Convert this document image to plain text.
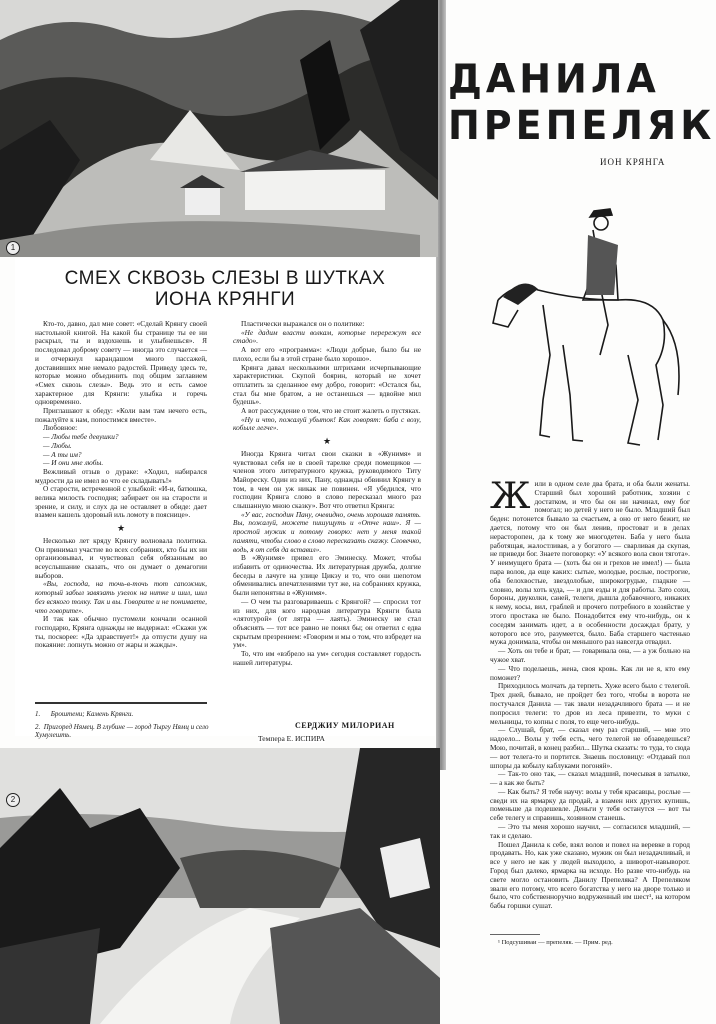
1
СМЕХ СКВОЗЬ СЛЕЗЫ В ШУТКАХ
ИОНА КРЯНГИ

Кто-то, давно, дал мне совет: «Сделай Крянгу своей настольной книгой. На какой бы странице ты ее ни раскрыл, ты и вздохнешь и улыбнешься». Я последовал доброму совету — иногда это случается — и отчеркнул карандашом много пассажей, доставивших мне немало радостей. Приведу здесь те, которые можно объединить под общим заглавием «Смех сквозь слезы». Ведь это и есть самое характерное для Крянги: улыбка и горечь одновременно.

Приглашают к обеду: «Коли вам там нечего есть, пожалуйте к нам, попостимся вместе».

Любовное:

— Любы тебе девушки?

— Любы.

— А ты им?

— И они мне любы.

Вежливый отзыв о дураке: «Ходил, набирался мудрости да не имел во что ее складывать!»

О старости, встреченной с улыбкой: «И-и, батюшка, велика милость господня; забирает он на старости и зрение, и силу, и слух да не оставляет в обиде: дает взамен кашель здоровый иль ломоту в пояснице».

★

Несколько лет кряду Крянгу волновала политика. Он принимал участие во всех собраниях, кто бы их ни организовывал, и чувствовал себя обязанным во всеуслышание сказать, что он думает о демагогии выборов.

«Вы, господа, на точь-в-точь тот сапожник, который забыл завязать узелок на нитке и шил, шил без всякого толку. Так и вы. Говорите и не понимаете, что говорите».

И так как обычно пустомели кончали осанной господарю, Крянга однажды не выдержал: «Скажи уж ты, поскорее: «Да здравствует!» да отпусти душу на покаяние: лопнуть можно от жары и жажды».

Пластически выражался он о политике:

«Не дадим власти волкам, которые перережут все стадо».

А вот его «программа»: «Люди добрые, было бы не плохо, если бы в этой стране было хорошо».

Крянга давал несколькими штрихами исчерпывающие характеристики. Скупой боярин, который не хочет отплатить за сделанное ему добро, говорит: «Остался бы, стал бы мне братом, а не останешься — вдвойне мил будешь».

А вот рассуждение о том, что не стоит жалеть о пустяках.

«Ну и что, пожалуй убыток! Как говорят: баба с возу, кобыле легче».

★

Иногда Крянга читал свои сказки в «Жунимя» и чувствовал себя не в своей тарелке среди помещиков — членов этого литературного кружка, руководимого Титу Майореску. Один из них, Пану, однажды обвинил Крянгу в том, в чем он уж никак не повинен. «Я убедился, что господин Крянга слово в слово пересказал много раз слышанную мною сказку». Вот что ответил Крянга:

«У вас, господин Пану, очевидно, очень хорошая память. Вы, пожалуй, можете пишущуть и «Отче наш». Я — простой мужик и потому говорю: нет у меня такой памяти, чтобы слово в слово пересказать сказку. Словечко, водь, я от себя да вставил».

В «Жунимя» привел его Эминеску. Может, чтобы избавить от одиночества. Их литературная дружба, долгие беседы в лачуге на улице Цикэу и то, что они шепотом обменивались впечатлениями тут же, на собраниях кружка, были непонятны в «Жунимя».

— О чем ты разговариваешь с Крянгой? — спросил тот из них, для кого народная литература Крянги была «лятотурой» (от лятра — лаять). Эминеску не стал объяснять — тот все равно не понял бы; он ответил с едва скрытым презрением: «Говорим и мы о том, что взбредет на ум».

То, что им «взбрело на ум» сегодня составляет гордость нашей литературы.

1. Броштени; Камень Крянги.
2. Пригоред Нямец. В глубине — город Тыргу Нямц и село Хумулешть.
СЕРДЖИУ МИЛОРИАН
Темпера Е. ИСПИРА
2
ДАНИЛА
ПРЕПЕЛЯК
ИОН КРЯНГА

Жили в одном селе два брата, и оба были женаты. Старший был хороший работник, хозяин с достатком, и что бы он ни начинал, ему бог помогал; но детей у него не было. Младший был беден: потонется бывало за счастьем, а оно от него бежит, не дается, потому что он был ленив, простоват и в делах нерасторопен, да к тому же многодетен. Баба у него была работящая, жалостливая, а у богатого — сварливая да скупая, не приведи бог. Знаете поговорку: «У всякого вола свои тягота». У неимущего брата — (хоть бы он и грехов не имел!) — была пара волов, да еще каких: сытые, молодые, рослые, построгие, оба белохвостые, звездолобые, широкогрудые, гладкие — словно, волы хоть куда, — и для езды и для работы. Зато сохи, бороны, двуколки, саней, телеги, дышла добавочного, никаких к нему, косы, вил, граблей и прочего потребного в хозяйстве у этого простака не было. Понадобится ему что-нибудь, он к соседям занимать идет, а в особенности досаждал брату, у которого все это, разумеется, было. Баба старшего частенько мужа донимала, чтобы он меньшого раз навсегда отвадил.

— Хоть он тебе и брат, — говаривала она, — а уж больно на чужое хват.

— Что поделаешь, жена, своя кровь. Как ли не я, кто ему поможет?

Приходилось молчать да терпеть. Хуже всего было с телегой. Трех дней, бывало, не пройдет без того, чтобы в ворота не постучался Данила — так звали незадачливого брата — и не попросил телеги: то дров из леса привезти, то муки с мельницы, то копны с поля, то еще чего-нибудь.

— Слушай, брат, — сказал ему раз старший, — мне это надоело... Волы у тебя есть, чего телегой не обзаведешься? Мою, почитай, в конец разбил... Шутка сказать: то туда, то сюда — вот телега-то и портится. Знаешь пословицу: «Отдавай пол шпоры да кобылу каблуками погоняй».

— Так-то оно так, — сказал младший, почесывая в затылке, — а как же быть?

— Как быть? Я тебя научу: волы у тебя красавцы, рослые — сведи их на ярмарку да продай, а взамен них других купишь, поменьше да подешевле. Деньги у тебя останутся — вот ты себе телегу и справишь, хозяином станешь.

— Это ты меня хорошо научил, — согласился младший, — так и сделаю.

Пошел Данила к себе, взял волов и повел на веревке в город продавать. Но, как уже сказано, мужик он был незадачливый, и все у него не как у людей выходило, а шиворот-навыворот. Город был далеко, ярмарка на исходе. Но разве что-нибудь на свете могло остановить Данилу Препеляка? А Препеляком звали его потому, что всего богатства у него на дворе только и было, что собственноручно водруженный им шест¹, на котором бабы горшки сушат.

¹ Подсушиваи — препеляк. — Прим. ред.
